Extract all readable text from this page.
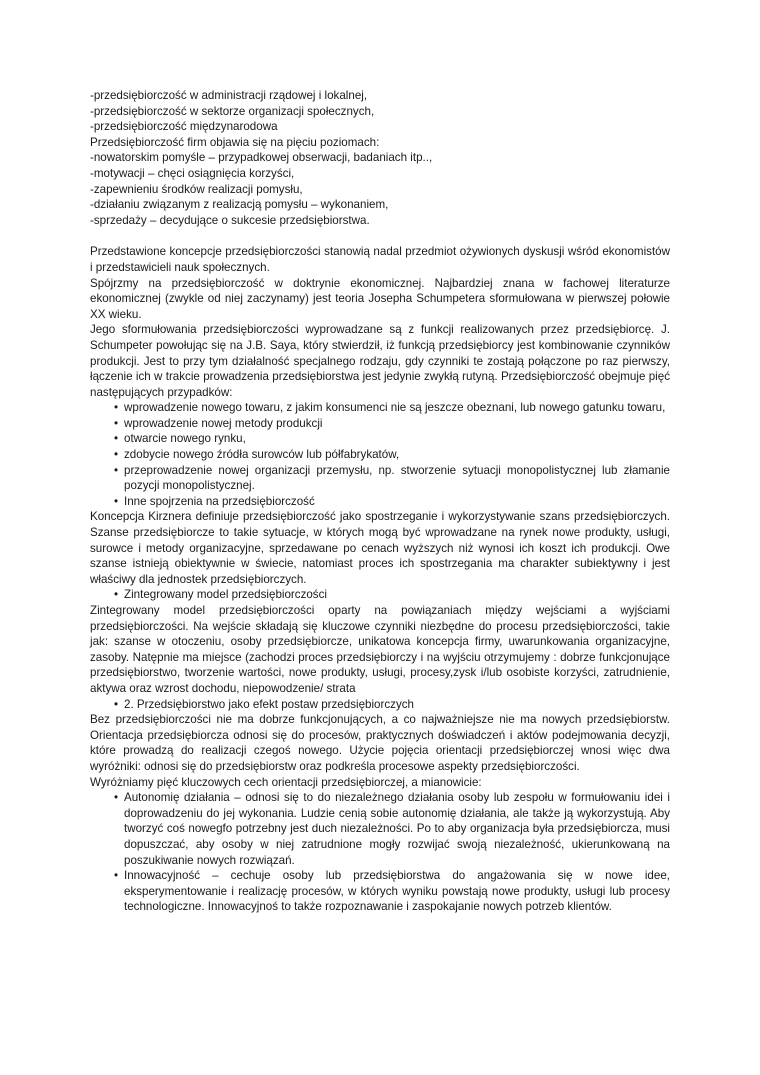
-przedsiębiorczość w administracji rządowej i lokalnej,

-przedsiębiorczość w sektorze organizacji społecznych,

-przedsiębiorczość międzynarodowa

Przedsiębiorczość firm objawia się na pięciu poziomach:

-nowatorskim pomyśle – przypadkowej obserwacji, badaniach itp..,

-motywacji – chęci osiągnięcia korzyści,

-zapewnieniu środków realizacji pomysłu,

-działaniu związanym z realizacją pomysłu – wykonaniem,

-sprzedaży – decydujące o sukcesie przedsiębiorstwa.

Przedstawione koncepcje przedsiębiorczości stanowią nadal przedmiot ożywionych dyskusji wśród ekonomistów i przedstawicieli nauk społecznych.

Spójrzmy na przedsiębiorczość w doktrynie ekonomicznej. Najbardziej znana w fachowej literaturze ekonomicznej (zwykle od niej zaczynamy) jest teoria Josepha Schumpetera sformułowana w pierwszej połowie XX wieku.

Jego sformułowania przedsiębiorczości wyprowadzane są z funkcji realizowanych przez przedsiębiorcę. J. Schumpeter powołując się na J.B. Saya, który stwierdził, iż funkcją przedsiębiorcy jest kombinowanie czynników produkcji. Jest to przy tym działalność specjalnego rodzaju, gdy czynniki te zostają połączone po raz pierwszy, łączenie ich w trakcie prowadzenia przedsiębiorstwa jest jedynie zwykłą rutyną. Przedsiębiorczość obejmuje pięć następujących przypadków:

• wprowadzenie nowego towaru, z jakim konsumenci nie są jeszcze obeznani, lub nowego gatunku towaru,
• wprowadzenie nowej metody produkcji
• otwarcie nowego rynku,
• zdobycie nowego źródła surowców lub półfabrykatów,
• przeprowadzenie nowej organizacji przemysłu, np. stworzenie sytuacji monopolistycznej lub złamanie pozycji monopolistycznej.
• Inne spojrzenia na przedsiębiorczość

Koncepcja Kirznera definiuje przedsiębiorczość jako spostrzeganie i wykorzystywanie szans przedsiębiorczych. Szanse przedsiębiorcze to takie sytuacje, w których mogą być wprowadzane na rynek nowe produkty, usługi, surowce i metody organizacyjne, sprzedawane po cenach wyższych niż wynosi ich koszt ich produkcji. Owe szanse istnieją obiektywnie w świecie, natomiast proces ich spostrzegania ma charakter subiektywny i jest właściwy dla jednostek przedsiębiorczych.

• Zintegrowany model przedsiębiorczości

Zintegrowany model przedsiębiorczości oparty na powiązaniach między wejściami a wyjściami przedsiębiorczości. Na wejście składają się kluczowe czynniki niezbędne do procesu przedsiębiorczości, takie jak: szanse w otoczeniu, osoby przedsiębiorcze, unikatowa koncepcja firmy, uwarunkowania organizacyjne, zasoby. Natępnie ma miejsce (zachodzi proces przedsiębiorczy i na wyjściu otrzymujemy : dobrze funkcjonujące przedsiębiorstwo, tworzenie wartości, nowe produkty, usługi, procesy,zysk i/lub osobiste korzyści, zatrudnienie, aktywa oraz wzrost dochodu, niepowodzenie/ strata

• 2. Przedsiębiorstwo jako efekt postaw przedsiębiorczych

Bez przedsiębiorczości nie ma dobrze funkcjonujących, a co najważniejsze nie ma nowych przedsiębiorstw. Orientacja przedsiębiorcza odnosi się do procesów, praktycznych doświadczeń i aktów podejmowania decyzji, które prowadzą do realizacji czegoś nowego. Użycie pojęcia orientacji przedsiębiorczej wnosi więc dwa wyróżniki: odnosi się do przedsiębiorstw oraz podkreśla procesowe aspekty przedsiębiorczości.

Wyróżniamy pięć kluczowych cech orientacji przedsiębiorczej, a mianowicie:

• Autonomię działania – odnosi się to do niezależnego działania osoby lub zespołu w formułowaniu idei i doprowadzeniu do jej wykonania. Ludzie cenią sobie autonomię działania, ale także ją wykorzystują. Aby tworzyć coś nowegfo potrzebny jest duch niezależności. Po to aby organizacja była przedsiębiorcza, musi dopuszczać, aby osoby w niej zatrudnione mogły rozwijać swoją niezależność, ukierunkowaną na poszukiwanie nowych rozwiązań.
• Innowacyjność – cechuje osoby lub przedsiębiorstwa do angażowania się w nowe idee, eksperymentowanie i realizację procesów, w których wyniku powstają nowe produkty, usługi lub procesy technologiczne. Innowacyjnoś to także rozpoznawanie i zaspokajanie nowych potrzeb klientów.
